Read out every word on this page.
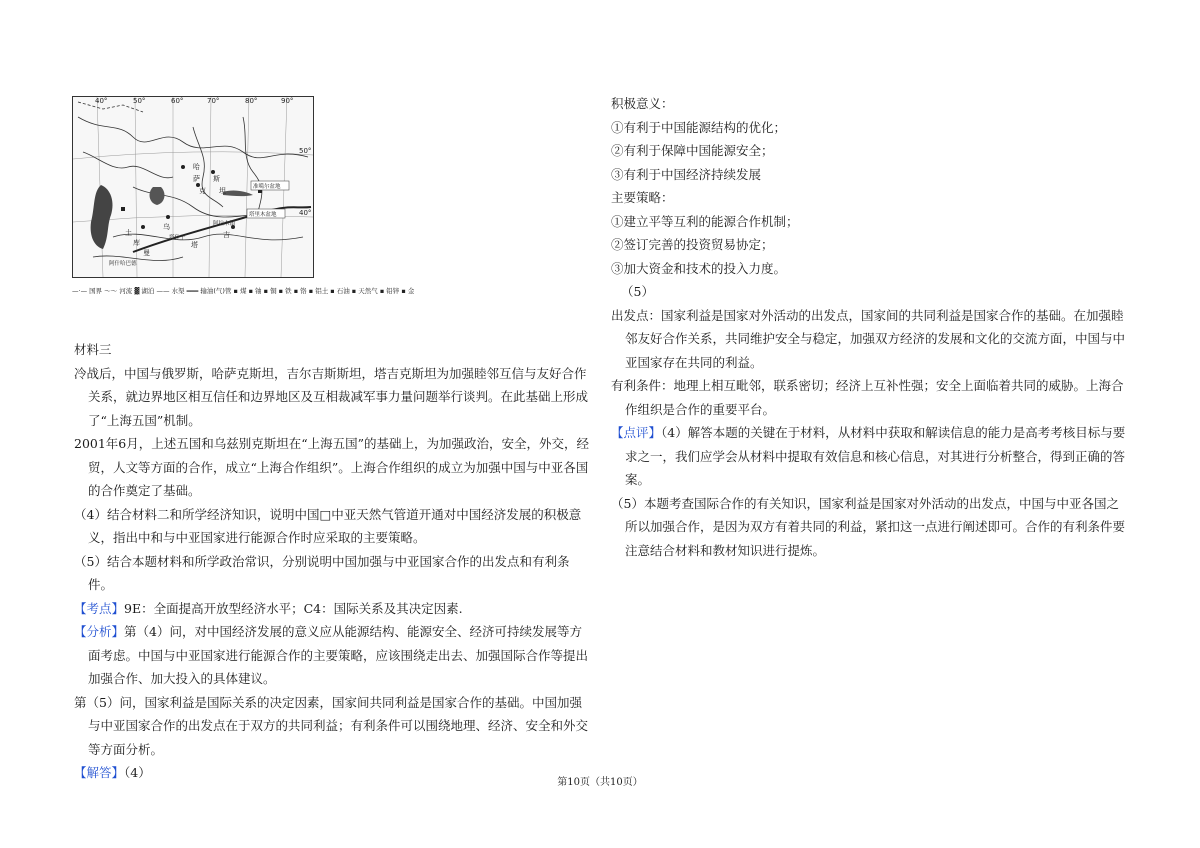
40°	50°	60°	70°	80°	90°
50°
40°
哈
萨
克
斯
坦
土
库
曼
乌
塔
吉
准噶尔盆地
塔里木盆地
阿拉木图
塔什干
阿什哈巴德
—·— 国界 ～～ 河流 ▓ 湖泊 —— 水渠 ═══ 输油(气)管 ▪ 煤 ▪ 铀 ▪ 铜 ▪ 铁 ▪ 铬 ▪ 铝土 ▪ 石油 ▪ 天然气 ▪ 铅锌 ▪ 金

材料三

冷战后，中国与俄罗斯，哈萨克斯坦，吉尔吉斯斯坦，塔吉克斯坦为加强睦邻互信与友好合作关系，就边界地区相互信任和边界地区及互相裁减军事力量问题举行谈判。在此基础上形成了“上海五国”机制。

2001年6月，上述五国和乌兹别克斯坦在“上海五国”的基础上，为加强政治，安全，外交，经贸，人文等方面的合作，成立“上海合作组织”。上海合作组织的成立为加强中国与中亚各国的合作奠定了基础。

（4）结合材料二和所学经济知识，说明中国□中亚天然气管道开通对中国经济发展的积极意义，指出中和与中亚国家进行能源合作时应采取的主要策略。

（5）结合本题材料和所学政治常识，分别说明中国加强与中亚国家合作的出发点和有利条件。

【考点】9E：全面提高开放型经济水平；C4：国际关系及其决定因素.

【分析】第（4）问，对中国经济发展的意义应从能源结构、能源安全、经济可持续发展等方面考虑。中国与中亚国家进行能源合作的主要策略，应该围绕走出去、加强国际合作等提出加强合作、加大投入的具体建议。

第（5）问，国家利益是国际关系的决定因素，国家间共同利益是国家合作的基础。中国加强与中亚国家合作的出发点在于双方的共同利益；有利条件可以围绕地理、经济、安全和外交等方面分析。

【解答】（4）

积极意义：

①有利于中国能源结构的优化；

②有利于保障中国能源安全；

③有利于中国经济持续发展

主要策略：

①建立平等互利的能源合作机制；

②签订完善的投资贸易协定；

③加大资金和技术的投入力度。

（5）

出发点：国家利益是国家对外活动的出发点，国家间的共同利益是国家合作的基础。在加强睦邻友好合作关系，共同维护安全与稳定，加强双方经济的发展和文化的交流方面，中国与中亚国家存在共同的利益。

有利条件：地理上相互毗邻，联系密切；经济上互补性强；安全上面临着共同的威胁。上海合作组织是合作的重要平台。

【点评】（4）解答本题的关键在于材料，从材料中获取和解读信息的能力是高考考核目标与要求之一，我们应学会从材料中提取有效信息和核心信息，对其进行分析整合，得到正确的答案。

（5）本题考查国际合作的有关知识，国家利益是国家对外活动的出发点，中国与中亚各国之所以加强合作，是因为双方有着共同的利益，紧扣这一点进行阐述即可。合作的有利条件要注意结合材料和教材知识进行提炼。

第10页（共10页）
